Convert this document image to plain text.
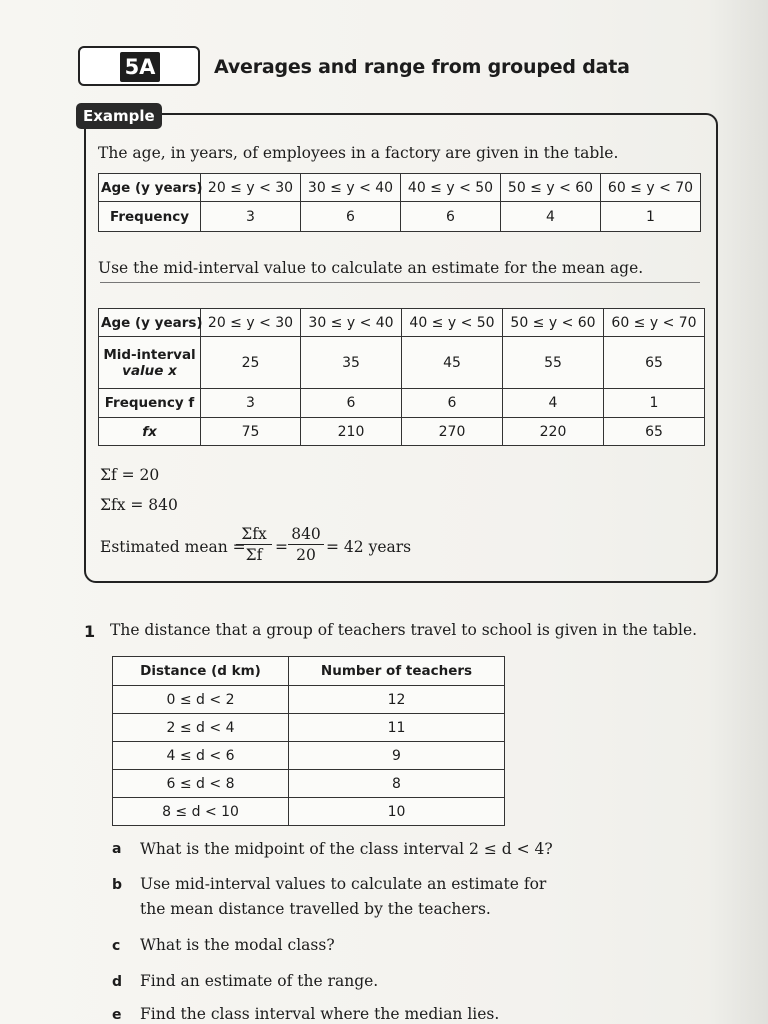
5A	Averages and range from grouped data
Example
The age, in years, of employees in a factory are given in the table.
Age (y years)	20 ≤ y < 30	30 ≤ y < 40	40 ≤ y < 50	50 ≤ y < 60	60 ≤ y < 70
Frequency	3	6	6	4	1
Use the mid-interval value to calculate an estimate for the mean age.
Age (y years)	20 ≤ y < 30	30 ≤ y < 40	40 ≤ y < 50	50 ≤ y < 60	60 ≤ y < 70

Mid-interval
value x	25	35	45	55	65
Frequency f	3	6	6	4	1
fx	75	210	270	220	65
Σf = 20
Σfx = 840
Estimated mean =
Σfx
Σf =
840
20 = 42 years
1 The distance that a group of teachers travel to school is given in the table.
Distance (d km)	Number of teachers
0 ≤ d < 2	12
2 ≤ d < 4	11
4 ≤ d < 6	9
6 ≤ d < 8	8
8 ≤ d < 10	10
a What is the midpoint of the class interval 2 ≤ d < 4?
b Use mid-interval values to calculate an estimate for
the mean distance travelled by the teachers.
c What is the modal class?
d Find an estimate of the range.
e Find the class interval where the median lies.
